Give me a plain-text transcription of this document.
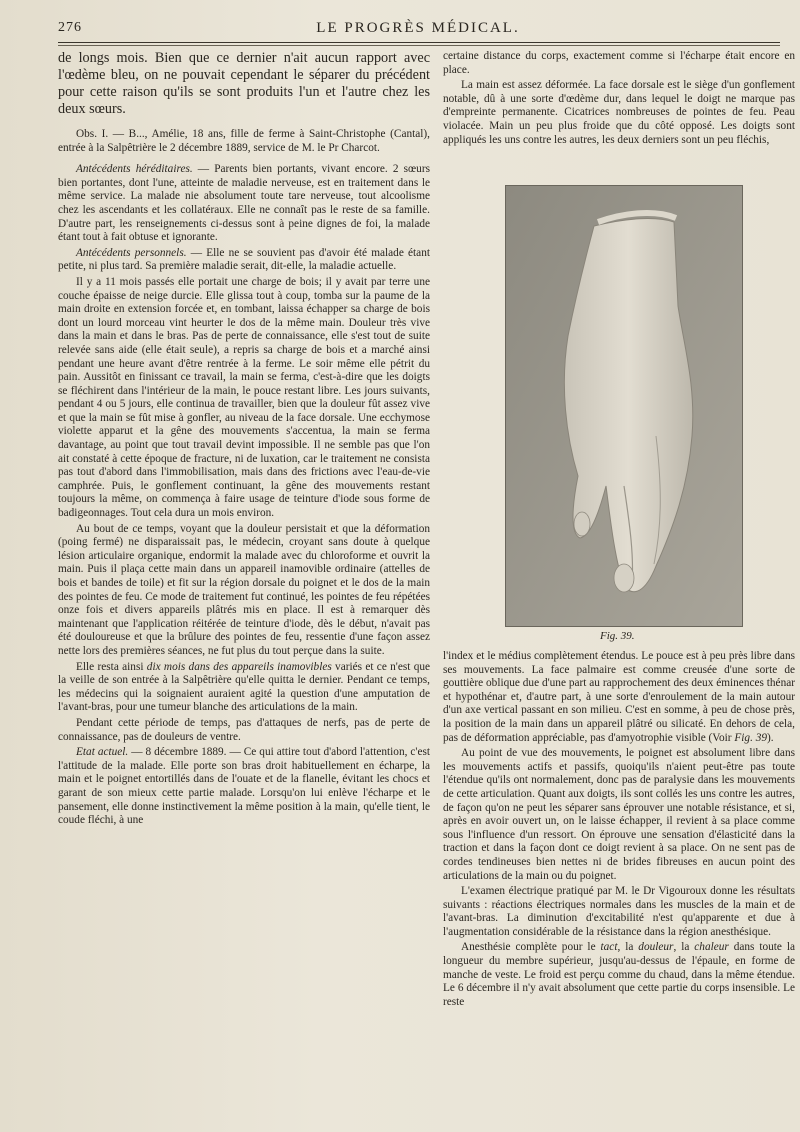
276	LE PROGRÈS MÉDICAL.

de longs mois. Bien que ce dernier n'ait aucun rapport avec l'œdème bleu, on ne pouvait cependant le séparer du précédent pour cette raison qu'ils se sont produits l'un et l'autre chez les deux sœurs.

Obs. I. — B..., Amélie, 18 ans, fille de ferme à Saint-Christophe (Cantal), entrée à la Salpêtrière le 2 décembre 1889, service de M. le Pr Charcot.

Antécédents héréditaires. — Parents bien portants, vivant encore. 2 sœurs bien portantes, dont l'une, atteinte de maladie nerveuse, est en traitement dans le même service. La malade nie absolument toute tare nerveuse, tout alcoolisme chez les ascendants et les collatéraux. Elle ne connaît pas le reste de sa famille. D'autre part, les renseignements ci-dessus sont à peine dignes de foi, la malade étant tout à fait obtuse et ignorante.

Antécédents personnels. — Elle ne se souvient pas d'avoir été malade étant petite, ni plus tard. Sa première maladie serait, dit-elle, la maladie actuelle.

Il y a 11 mois passés elle portait une charge de bois; il y avait par terre une couche épaisse de neige durcie. Elle glissa tout à coup, tomba sur la paume de la main droite en extension forcée et, en tombant, laissa échapper sa charge de bois dont un lourd morceau vint heurter le dos de la même main. Douleur très vive dans la main et dans le bras. Pas de perte de connaissance, elle s'est tout de suite relevée sans aide (elle était seule), a repris sa charge de bois et a marché ainsi pendant une heure avant d'être rentrée à la ferme. Le soir même elle pétrit du pain. Aussitôt en finissant ce travail, la main se ferma, c'est-à-dire que les doigts se fléchirent dans l'intérieur de la main, le pouce restant libre. Les jours suivants, pendant 4 ou 5 jours, elle continua de travailler, bien que la douleur fût assez vive et que la main se fût mise à gonfler, au niveau de la face dorsale. Une ecchymose violette apparut et la gêne des mouvements s'accentua, la main se ferma davantage, au point que tout travail devint impossible. Il ne semble pas que l'on ait constaté à cette époque de fracture, ni de luxation, car le traitement ne consista pas tout d'abord dans l'immobilisation, mais dans des frictions avec l'eau-de-vie camphrée. Puis, le gonflement continuant, la gêne des mouvements restant toujours la même, on commença à faire usage de teinture d'iode sous forme de badigeonnages. Tout cela dura un mois environ.

Au bout de ce temps, voyant que la douleur persistait et que la déformation (poing fermé) ne disparaissait pas, le médecin, croyant sans doute à quelque lésion articulaire organique, endormit la malade avec du chloroforme et ouvrit la main. Puis il plaça cette main dans un appareil inamovible ordinaire (attelles de bois et bandes de toile) et fit sur la région dorsale du poignet et le dos de la main des pointes de feu. Ce mode de traitement fut continué, les pointes de feu répétées onze fois et divers appareils plâtrés mis en place. Il est à remarquer dès maintenant que l'application réitérée de teinture d'iode, dès le début, n'avait pas été douloureuse et que la brûlure des pointes de feu, ressentie d'une façon assez nette lors des premières séances, ne fut plus du tout perçue dans la suite.

Elle resta ainsi dix mois dans des appareils inamovibles variés et ce n'est que la veille de son entrée à la Salpêtrière qu'elle quitta le dernier. Pendant ce temps, les médecins qui la soignaient auraient agité la question d'une amputation de l'avant-bras, pour une tumeur blanche des articulations de la main.

Pendant cette période de temps, pas d'attaques de nerfs, pas de perte de connaissance, pas de douleurs de ventre.

Etat actuel. — 8 décembre 1889. — Ce qui attire tout d'abord l'attention, c'est l'attitude de la malade. Elle porte son bras droit habituellement en écharpe, la main et le poignet entortillés dans de l'ouate et de la flanelle, évitant les chocs et garant de son mieux cette partie malade. Lorsqu'on lui enlève l'écharpe et le pansement, elle donne instinctivement la même position à la main, qu'elle tient, le coude fléchi, à une

certaine distance du corps, exactement comme si l'écharpe était encore en place.

La main est assez déformée. La face dorsale est le siège d'un gonflement notable, dû à une sorte d'œdème dur, dans lequel le doigt ne marque pas d'empreinte permanente. Cicatrices nombreuses de pointes de feu. Peau violacée. Main un peu plus froide que du côté opposé. Les doigts sont appliqués les uns contre les autres, les deux derniers sont un peu fléchis,

Fig. 39.

l'index et le médius complètement étendus. Le pouce est à peu près libre dans ses mouvements. La face palmaire est comme creusée d'une sorte de gouttière oblique due d'une part au rapprochement des deux éminences thénar et hypothénar et, d'autre part, à une sorte d'enroulement de la main autour d'un axe vertical passant en son milieu. C'est en somme, à peu de chose près, la position de la main dans un appareil plâtré ou silicaté. En dehors de cela, pas de déformation appréciable, pas d'amyotrophie visible (Voir Fig. 39).

Au point de vue des mouvements, le poignet est absolument libre dans les mouvements actifs et passifs, quoiqu'ils n'aient peut-être pas toute l'étendue qu'ils ont normalement, donc pas de paralysie dans les mouvements de cette articulation. Quant aux doigts, ils sont collés les uns contre les autres, de façon qu'on ne peut les séparer sans éprouver une notable résistance, et si, après en avoir ouvert un, on le laisse échapper, il revient à sa place comme sous l'influence d'un ressort. On éprouve une sensation d'élasticité dans la traction et dans la façon dont ce doigt revient à sa place. On ne sent pas de cordes tendineuses bien nettes ni de brides fibreuses en aucun point des articulations de la main ou du poignet.

L'examen électrique pratiqué par M. le Dr Vigouroux donne les résultats suivants : réactions électriques normales dans les muscles de la main et de l'avant-bras. La diminution d'excitabilité n'est qu'apparente et due à l'augmentation considérable de la résistance dans la région anesthésique.

Anesthésie complète pour le tact, la douleur, la chaleur dans toute la longueur du membre supérieur, jusqu'au-dessus de l'épaule, en forme de manche de veste. Le froid est perçu comme du chaud, dans la même étendue. Le 6 décembre il n'y avait absolument que cette partie du corps insensible. Le reste
